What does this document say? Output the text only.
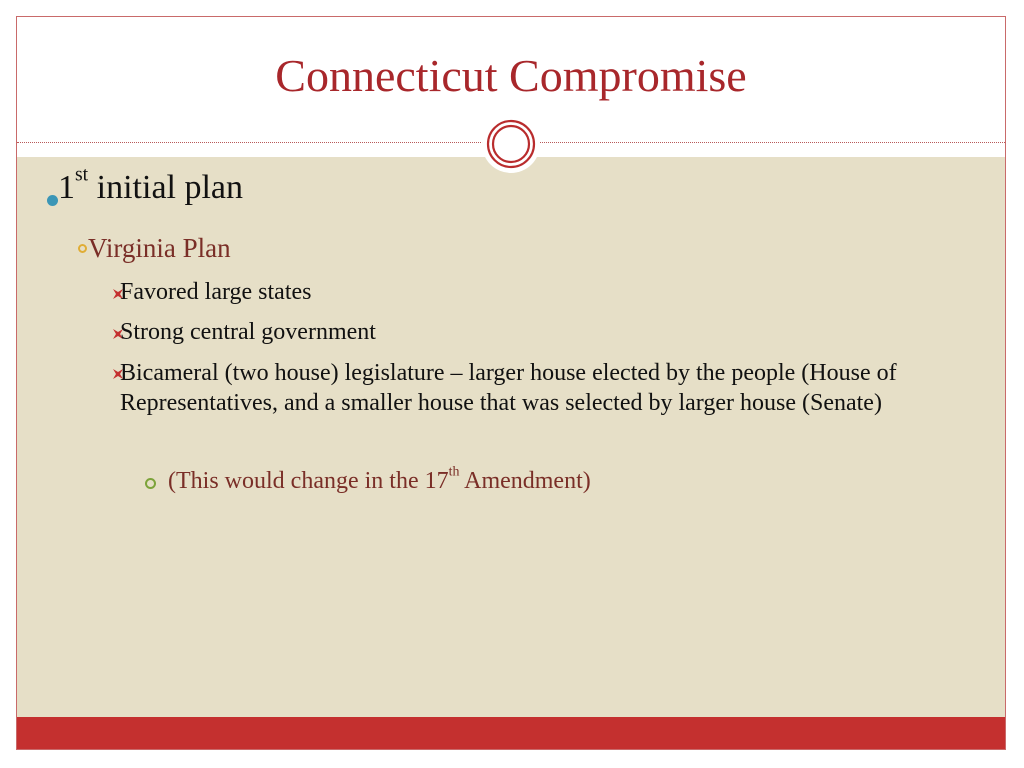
Connecticut Compromise
1st initial plan
Virginia Plan
Favored large states
Strong central government
Bicameral (two house) legislature – larger house elected by the people (House of Representatives, and a smaller house that was selected by larger house (Senate)
(This would change in the 17th Amendment)
